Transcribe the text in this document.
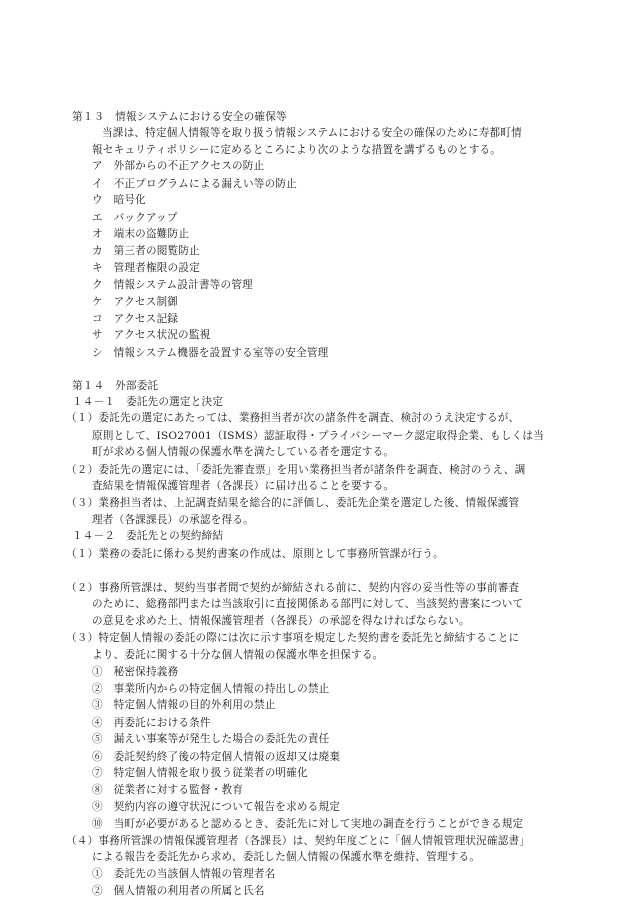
第１３　情報システムにおける安全の確保等
当課は、特定個人情報等を取り扱う情報システムにおける安全の確保のために寿都町情
報セキュリティポリシーに定めるところにより次のような措置を講ずるものとする。
ア　外部からの不正アクセスの防止
イ　不正プログラムによる漏えい等の防止
ウ　暗号化
エ　バックアップ
オ　端末の盗難防止
カ　第三者の閲覧防止
キ　管理者権限の設定
ク　情報システム設計書等の管理
ケ　アクセス制御
コ　アクセス記録
サ　アクセス状況の監視
シ　情報システム機器を設置する室等の安全管理
第１４　外部委託
１４－１　委託先の選定と決定
（１）委託先の選定にあたっては、業務担当者が次の諸条件を調査、検討のうえ決定するが、
原則として、ISO27001（ISMS）認証取得・プライバシーマーク認定取得企業、もしくは当
町が求める個人情報の保護水準を満たしている者を選定する。
（２）委託先の選定には、「委託先審査票」を用い業務担当者が諸条件を調査、検討のうえ、調
査結果を情報保護管理者（各課長）に届け出ることを要する。
（３）業務担当者は、上記調査結果を総合的に評価し、委託先企業を選定した後、情報保護管
理者（各課課長）の承認を得る。
１４－２　委託先との契約締結
（１）業務の委託に係わる契約書案の作成は、原則として事務所管課が行う。
（２）事務所管課は、契約当事者間で契約が締結される前に、契約内容の妥当性等の事前審査
のために、総務部門または当該取引に直接関係ある部門に対して、当該契約書案について
の意見を求めた上、情報保護管理者（各課長）の承認を得なければならない。
（３）特定個人情報の委託の際には次に示す事項を規定した契約書を委託先と締結することに
より、委託に関する十分な個人情報の保護水準を担保する。
①　秘密保持義務
②　事業所内からの特定個人情報の持出しの禁止
③　特定個人情報の目的外利用の禁止
④　再委託における条件
⑤　漏えい事案等が発生した場合の委託先の責任
⑥　委託契約終了後の特定個人情報の返却又は廃棄
⑦　特定個人情報を取り扱う従業者の明確化
⑧　従業者に対する監督・教育
⑨　契約内容の遵守状況について報告を求める規定
⑩　当町が必要があると認めるとき、委託先に対して実地の調査を行うことができる規定
（４）事務所管課の情報保護管理者（各課長）は、契約年度ごとに「個人情報管理状況確認書」
による報告を委託先から求め、委託した個人情報の保護水準を維持、管理する。
①　委託先の当該個人情報の管理者名
②　個人情報の利用者の所属と氏名
